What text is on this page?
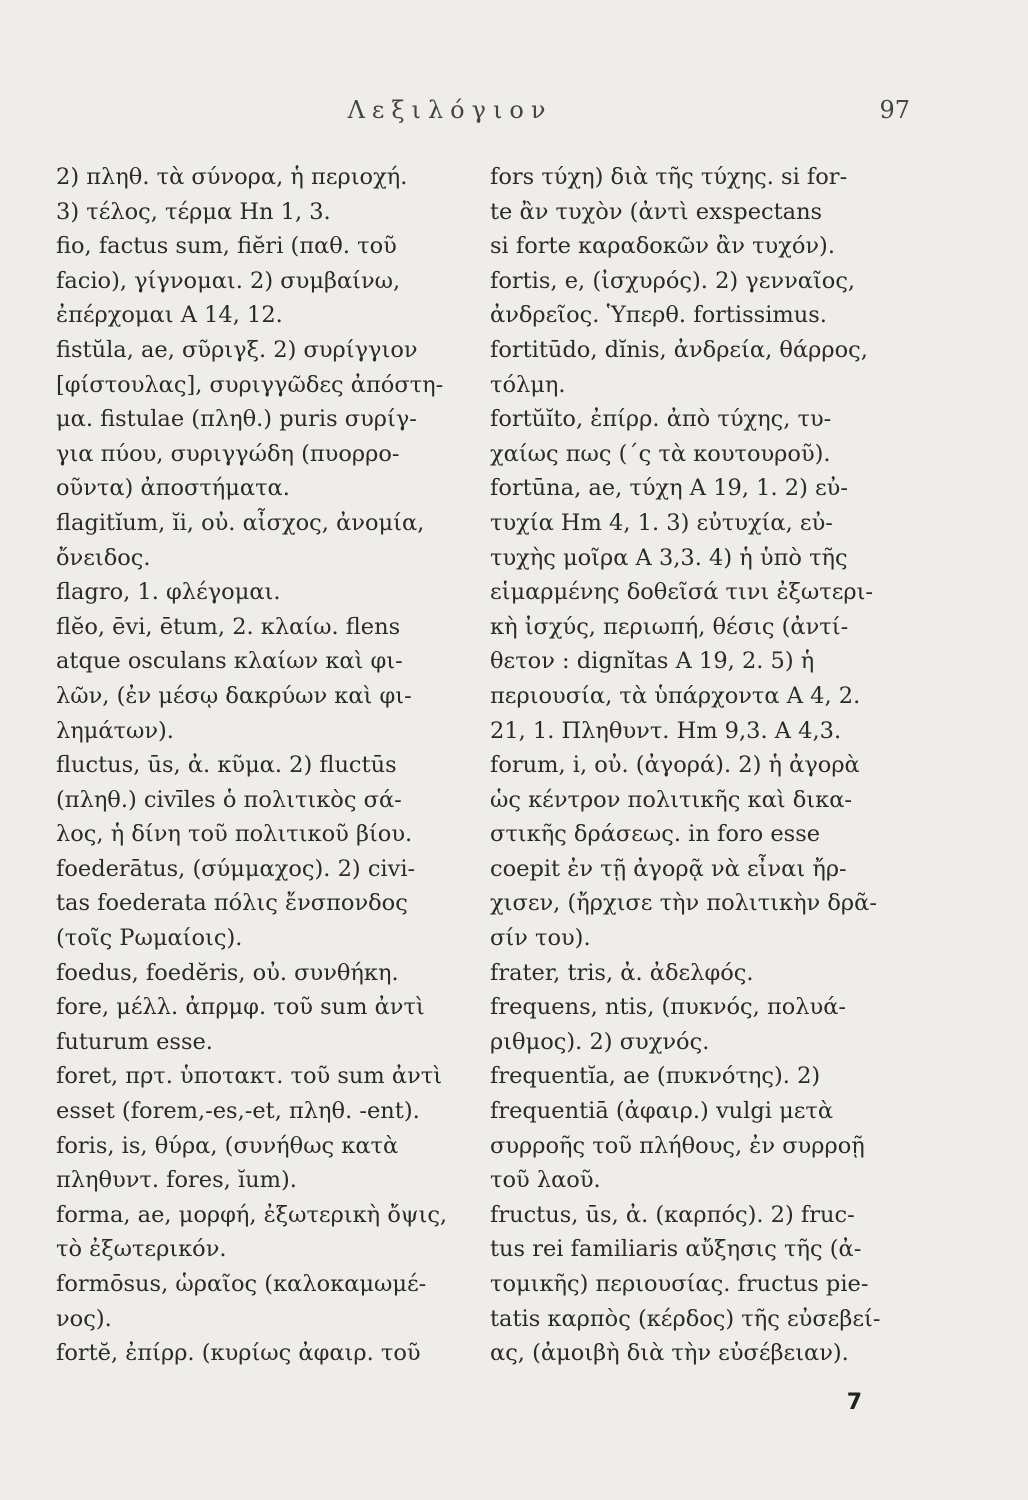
Λεξιλόγιον	97
2) πληθ. τὰ σύνορα, ἡ περιοχή.
3) τέλος, τέρμα Hn 1, 3.
fio, factus sum, fiĕri (παθ. τοῦ
facio), γίγνομαι. 2) συμβαίνω,
ἐπέρχομαι A 14, 12.
fistŭla, ae, σῦριγξ. 2) συρίγγιον
[φίστουλας], συριγγῶδες ἀπόστη-
μα. fistulae (πληθ.) puris συρίγ-
για πύου, συριγγώδη (πυορρο-
οῦντα) ἀποστήματα.
flagitĭum, ĭi, οὐ. αἶσχος, ἀνομία,
ὄνειδος.
flagro, 1. φλέγομαι.
flĕo, ēvi, ētum, 2. κλαίω. flens
atque osculans κλαίων καὶ φι-
λῶν, (ἐν μέσῳ δακρύων καὶ φι-
λημάτων).
fluctus, ūs, ἀ. κῦμα. 2) fluctūs
(πληθ.) civīles ὁ πολιτικὸς σά-
λος, ἡ δίνη τοῦ πολιτικοῦ βίου.
foederātus, (σύμμαχος). 2) civi-
tas foederata πόλις ἔνσπονδος
(τοῖς Ρωμαίοις).
foedus, foedĕris, οὐ. συνθήκη.
fore, μέλλ. ἀπρμφ. τοῦ sum ἀντὶ
futurum esse.
foret, πρτ. ὑποτακτ. τοῦ sum ἀντὶ
esset (forem,-es,-et, πληθ. -ent).
foris, is, θύρα, (συνήθως κατὰ
πληθυντ. fores, ĭum).
forma, ae, μορφή, ἐξωτερικὴ ὄψις,
τὸ ἐξωτερικόν.
formōsus, ὡραῖος (καλοκαμωμέ-
νος).
fortĕ, ἐπίρρ. (κυρίως ἀφαιρ. τοῦ
fors τύχη) διὰ τῆς τύχης. si for-
te ἂν τυχὸν (ἀντὶ exspectans
si forte καραδοκῶν ἂν τυχόν).
fortis, e, (ἰσχυρός). 2) γενναῖος,
ἀνδρεῖος. Ὑπερθ. fortissimus.
fortitūdo, dĭnis, ἀνδρεία, θάρρος,
τόλμη.
fortŭĭto, ἐπίρρ. ἀπὸ τύχης, τυ-
χαίως πως (΄ς τὰ κουτουροῦ).
fortūna, ae, τύχη A 19, 1. 2) εὐ-
τυχία Hm 4, 1. 3) εὐτυχία, εὐ-
τυχὴς μοῖρα A 3,3. 4) ἡ ὑπὸ τῆς
εἱμαρμένης δοθεῖσά τινι ἐξωτερι-
κὴ ἰσχύς, περιωπή, θέσις (ἀντί-
θετον : dignĭtas A 19, 2. 5) ἡ
περιουσία, τὰ ὑπάρχοντα A 4, 2.
21, 1. Πληθυντ. Hm 9,3. A 4,3.
forum, i, οὐ. (ἀγορά). 2) ἡ ἀγορὰ
ὡς κέντρον πολιτικῆς καὶ δικα-
στικῆς δράσεως. in foro esse
coepit ἐν τῇ ἀγορᾷ νὰ εἶναι ἤρ-
χισεν, (ἤρχισε τὴν πολιτικὴν δρᾶ-
σίν του).
frater, tris, ἀ. ἀδελφός.
frequens, ntis, (πυκνός, πολυά-
ριθμος). 2) συχνός.
frequentĭa, ae (πυκνότης). 2)
frequentiā (ἀφαιρ.) vulgi μετὰ
συρροῆς τοῦ πλήθους, ἐν συρροῇ
τοῦ λαοῦ.
fructus, ūs, ἀ. (καρπός). 2) fruc-
tus rei familiaris αὔξησις τῆς (ἀ-
τομικῆς) περιουσίας. fructus pie-
tatis καρπὸς (κέρδος) τῆς εὐσεβεί-
ας, (ἀμοιβὴ διὰ τὴν εὐσέβειαν).
7
